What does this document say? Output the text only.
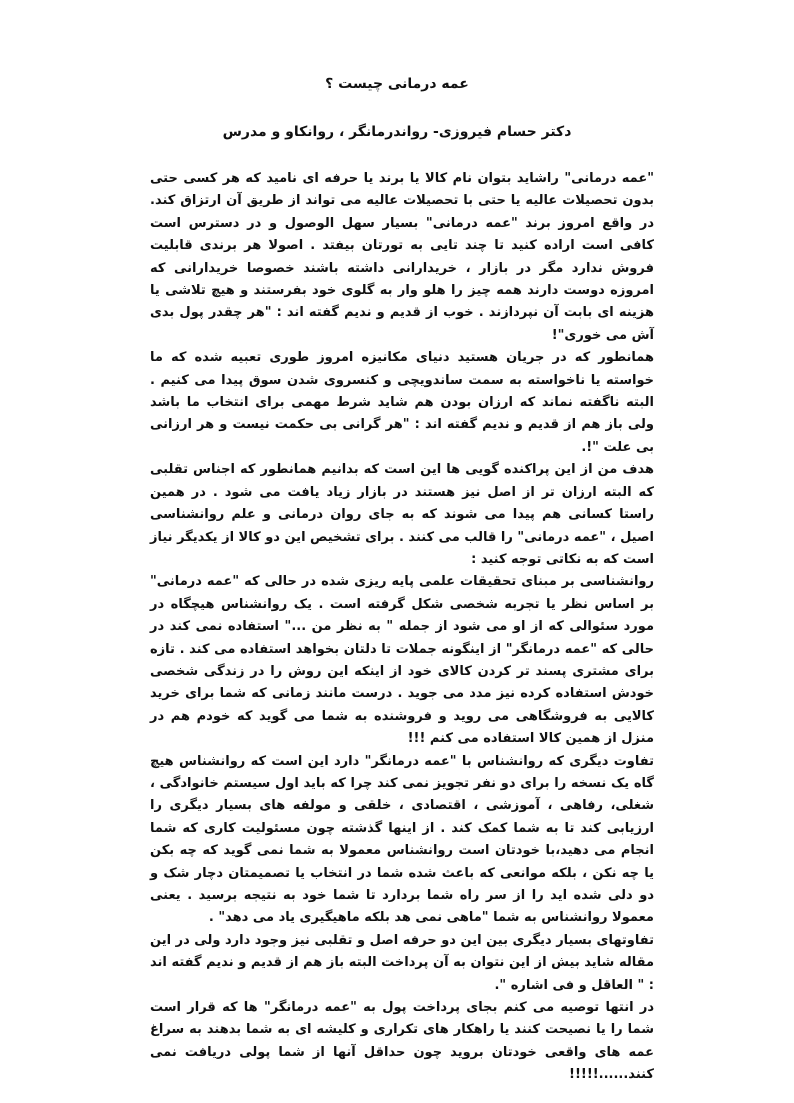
عمه درمانی چیست ؟
دکتر حسام فیروزی- رواندرمانگر ، روانکاو و مدرس

"عمه درمانی" راشاید بتوان نام کالا یا برند یا حرفه ای نامید که هر کسی حتی بدون تحصیلات عالیه یا حتی با تحصیلات عالیه می تواند از طریق آن ارتزاق کند. در واقع امروز برند "عمه درمانی" بسیار سهل الوصول و در دسترس است کافی است اراده کنید تا چند تایی به تورتان بیفتد . اصولا هر برندی قابلیت فروش ندارد مگر در بازار ، خریدارانی داشته باشند خصوصا خریدارانی که امروزه دوست دارند همه چیز را هلو وار به گلوی خود بفرستند و هیچ تلاشی یا هزینه ای بابت آن نپردازند . خوب از قدیم و ندیم گفته اند : "هر چقدر پول بدی آش می خوری"!

همانطور که در جریان هستید دنیای مکانیزه امروز طوری تعبیه شده که ما خواسته یا ناخواسته به سمت ساندویچی و کنسروی شدن سوق پیدا می کنیم . البته ناگفته نماند که ارزان بودن هم شاید شرط مهمی برای انتخاب ما باشد ولی باز هم از قدیم و ندیم گفته اند : "هر گرانی بی حکمت نیست و هر ارزانی بی علت "!.

هدف من از این پراکنده گویی ها این است که بدانیم همانطور که اجناس تقلبی که البته ارزان تر از اصل نیز هستند در بازار زیاد یافت می شود . در همین راستا کسانی هم پیدا می شوند که به جای روان درمانی و علم روانشناسی اصیل ، "عمه درمانی" را قالب می کنند . برای تشخیص این دو کالا از یکدیگر نیاز است که به نکاتی توجه کنید :

روانشناسی بر مبنای تحقیقات علمی پایه ریزی شده در حالی که "عمه درمانی" بر اساس نظر یا تجربه شخصی شکل گرفته است . یک روانشناس هیچگاه در مورد سئوالی که از او می شود از جمله " به نظر من ..." استفاده نمی کند در حالی که "عمه درمانگر" از اینگونه جملات تا دلتان بخواهد استفاده می کند . تازه برای مشتری پسند تر کردن کالای خود از اینکه این روش را در زندگی شخصی خودش استفاده کرده نیز مدد می جوید . درست مانند زمانی که شما برای خرید کالایی به فروشگاهی می روید و فروشنده به شما می گوید که خودم هم در منزل از همین کالا استفاده می کنم !!!

تفاوت دیگری که روانشناس با "عمه درمانگر" دارد این است که روانشناس هیچ گاه یک نسخه را برای دو نفر تجویز نمی کند چرا که باید اول سیستم خانوادگی ، شغلی، رفاهی ، آموزشی ، اقتصادی ، خلقی و مولفه های بسیار دیگری را ارزیابی کند تا به شما کمک کند . از اینها گذشته چون مسئولیت کاری که شما انجام می دهید،با خودتان است روانشناس معمولا به شما نمی گوید که چه بکن یا چه نکن ، بلکه موانعی که باعث شده شما در انتخاب یا تصمیمتان دچار شک و دو دلی شده اید را از سر راه شما بردارد تا شما خود به نتیجه برسید . یعنی معمولا روانشناس به شما "ماهی نمی هد بلکه ماهیگیری یاد می دهد" .

تفاوتهای بسیار دیگری بین این دو حرفه اصل و تقلبی نیز وجود دارد ولی در این مقاله شاید بیش از این نتوان به آن پرداخت البته باز هم از قدیم و ندیم گفته اند : " العاقل و فی اشاره ".

در انتها توصیه می کنم بجای پرداخت پول به "عمه درمانگر" ها که قرار است شما را یا نصیحت کنند یا راهکار های تکراری و کلیشه ای به شما بدهند به سراغ عمه های واقعی خودتان بروید چون حداقل آنها از شما پولی دریافت نمی کنند......!!!!!
